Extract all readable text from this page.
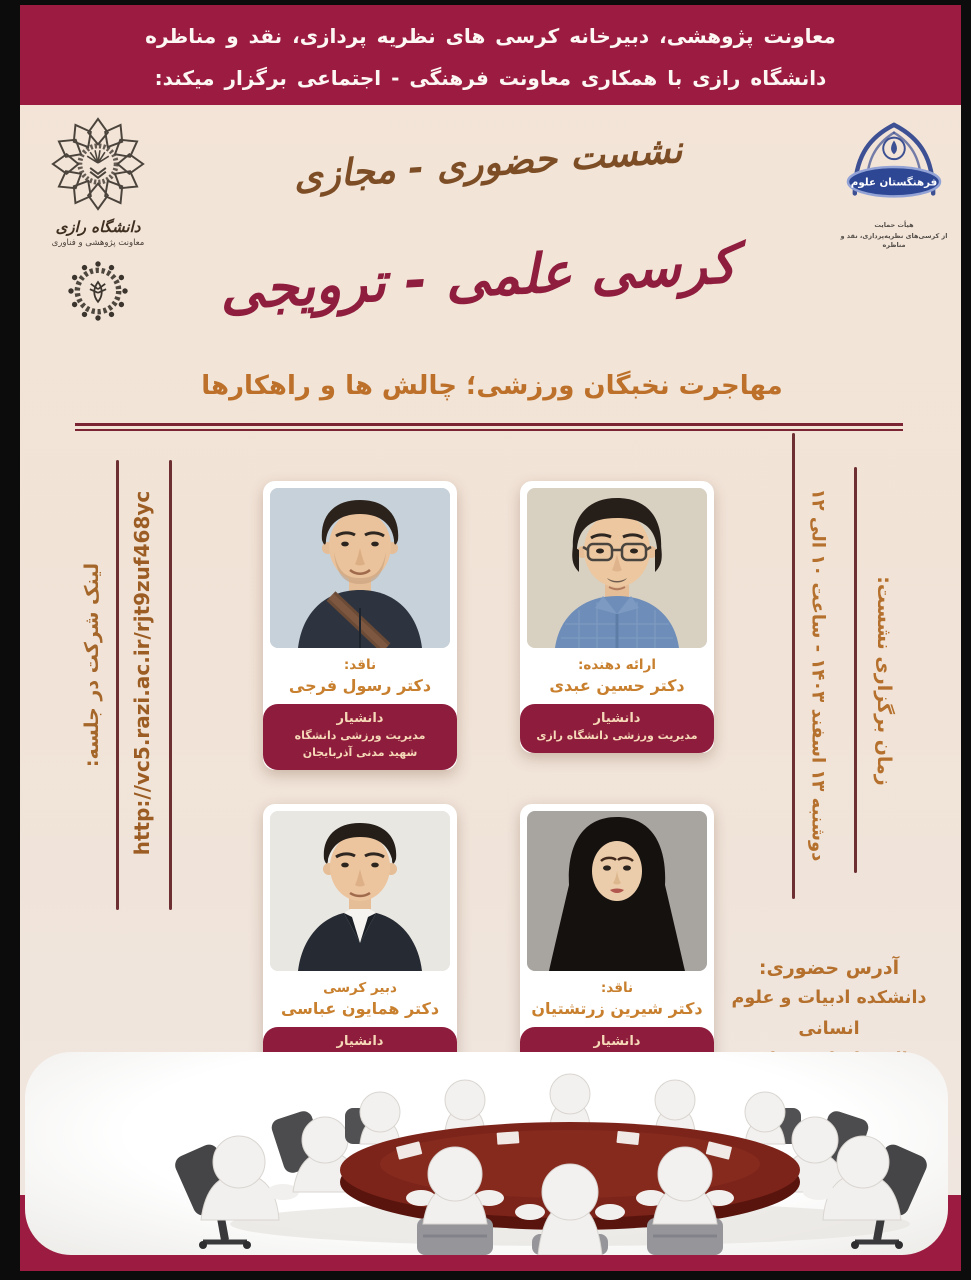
معاونت پژوهشی، دبیرخانه کرسی های نظریه پردازی، نقد و مناظره
دانشگاه رازی با همکاری معاونت فرهنگی - اجتماعی برگزار میکند:
دانشگاه رازی
معاونت پژوهشی و فناوری
فرهنگستان علوم
هیأت حمایت
از کرسی‌های نظریه‌پردازی، نقد و مناظره
نشست حضوری - مجازی
کرسی علمی - ترویجی
مهاجرت نخبگان ورزشی؛ چالش ها و راهکارها
لینک شرکت در جلسه: http://vc5.razi.ac.ir/rjt9zuf468yc	دوشنبه ۱۳ اسفند ۱۴۰۳ - ساعت ۱۰ الی ۱۲
زمان برگزاری نشست:
ارائه دهنده:
دکتر حسین عبدی
دانشیار
مدیریت ورزشی دانشگاه رازی
ناقد:
دکتر رسول فرجی
دانشیار
مدیریت ورزشی دانشگاه
شهید مدنی آذربایجان
ناقد:
دکتر شیرین زرتشتیان
دانشیار
دبیر کرسی
دکتر همایون عباسی
دانشیار
آدرس حضوری:
دانشکده ادبیات و علوم انسانی
